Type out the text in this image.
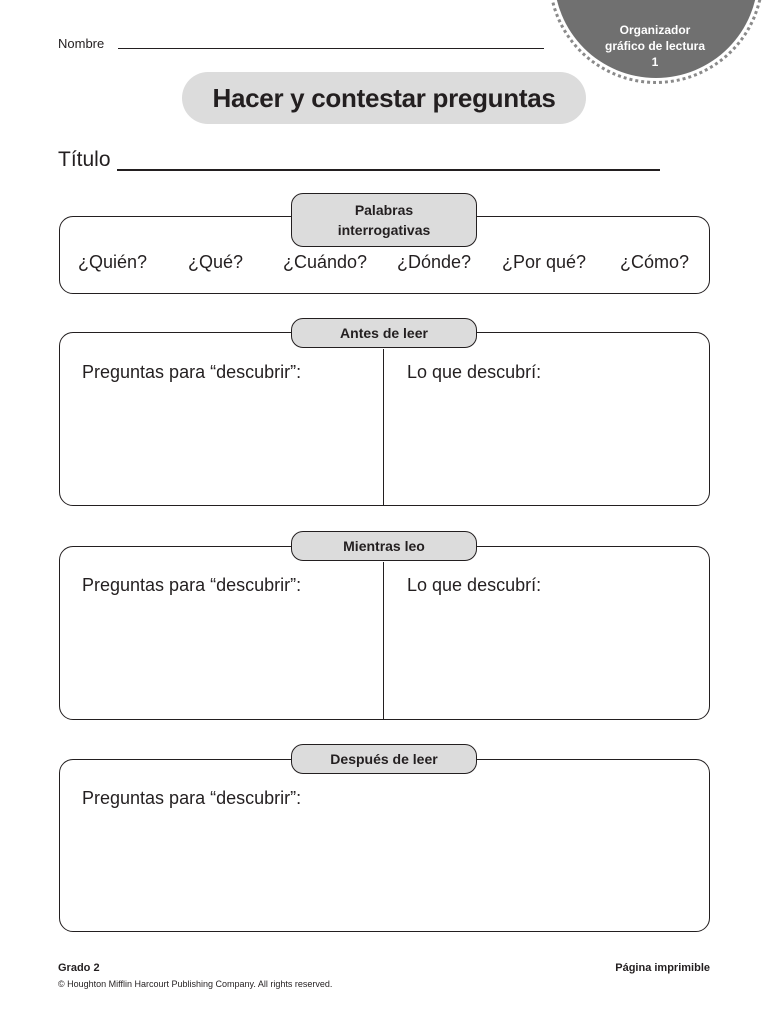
Organizador
gráfico de lectura
1
Nombre
Hacer y contestar preguntas
Título
Palabras
interrogativas
¿Quién? ¿Qué? ¿Cuándo? ¿Dónde? ¿Por qué? ¿Cómo?
Antes de leer
Preguntas para “descubrir”:	Lo que descubrí:
Mientras leo
Preguntas para “descubrir”:	Lo que descubrí:
Después de leer
Preguntas para “descubrir”:
Grado 2
© Houghton Mifflin Harcourt Publishing Company. All rights reserved.
Página imprimible
